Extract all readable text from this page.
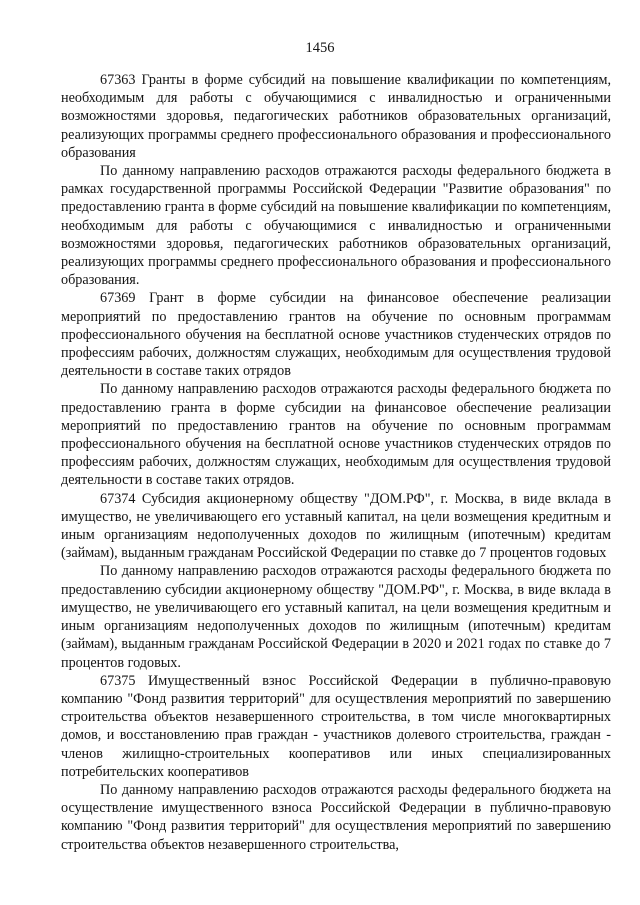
1456

67363 Гранты в форме субсидий на повышение квалификации по компетенциям, необходимым для работы с обучающимися с инвалидностью и ограниченными возможностями здоровья, педагогических работников образовательных организаций, реализующих программы среднего профессионального образования и профессионального образования

По данному направлению расходов отражаются расходы федерального бюджета в рамках государственной программы Российской Федерации "Развитие образования" по предоставлению гранта в форме субсидий на повышение квалификации по компетенциям, необходимым для работы с обучающимися с инвалидностью и ограниченными возможностями здоровья, педагогических работников образовательных организаций, реализующих программы среднего профессионального образования и профессионального образования.

67369 Грант в форме субсидии на финансовое обеспечение реализации мероприятий по предоставлению грантов на обучение по основным программам профессионального обучения на бесплатной основе участников студенческих отрядов по профессиям рабочих, должностям служащих, необходимым для осуществления трудовой деятельности в составе таких отрядов

По данному направлению расходов отражаются расходы федерального бюджета по предоставлению гранта в форме субсидии на финансовое обеспечение реализации мероприятий по предоставлению грантов на обучение по основным программам профессионального обучения на бесплатной основе участников студенческих отрядов по профессиям рабочих, должностям служащих, необходимым для осуществления трудовой деятельности в составе таких отрядов.

67374 Субсидия акционерному обществу "ДОМ.РФ", г. Москва, в виде вклада в имущество, не увеличивающего его уставный капитал, на цели возмещения кредитным и иным организациям недополученных доходов по жилищным (ипотечным) кредитам (займам), выданным гражданам Российской Федерации по ставке до 7 процентов годовых

По данному направлению расходов отражаются расходы федерального бюджета по предоставлению субсидии акционерному обществу "ДОМ.РФ", г. Москва, в виде вклада в имущество, не увеличивающего его уставный капитал, на цели возмещения кредитным и иным организациям недополученных доходов по жилищным (ипотечным) кредитам (займам), выданным гражданам Российской Федерации в 2020 и 2021 годах по ставке до 7 процентов годовых.

67375 Имущественный взнос Российской Федерации в публично-правовую компанию "Фонд развития территорий" для осуществления мероприятий по завершению строительства объектов незавершенного строительства, в том числе многоквартирных домов, и восстановлению прав граждан - участников долевого строительства, граждан - членов жилищно-строительных кооперативов или иных специализированных потребительских кооперативов

По данному направлению расходов отражаются расходы федерального бюджета на осуществление имущественного взноса Российской Федерации в публично-правовую компанию "Фонд развития территорий" для осуществления мероприятий по завершению строительства объектов незавершенного строительства,
